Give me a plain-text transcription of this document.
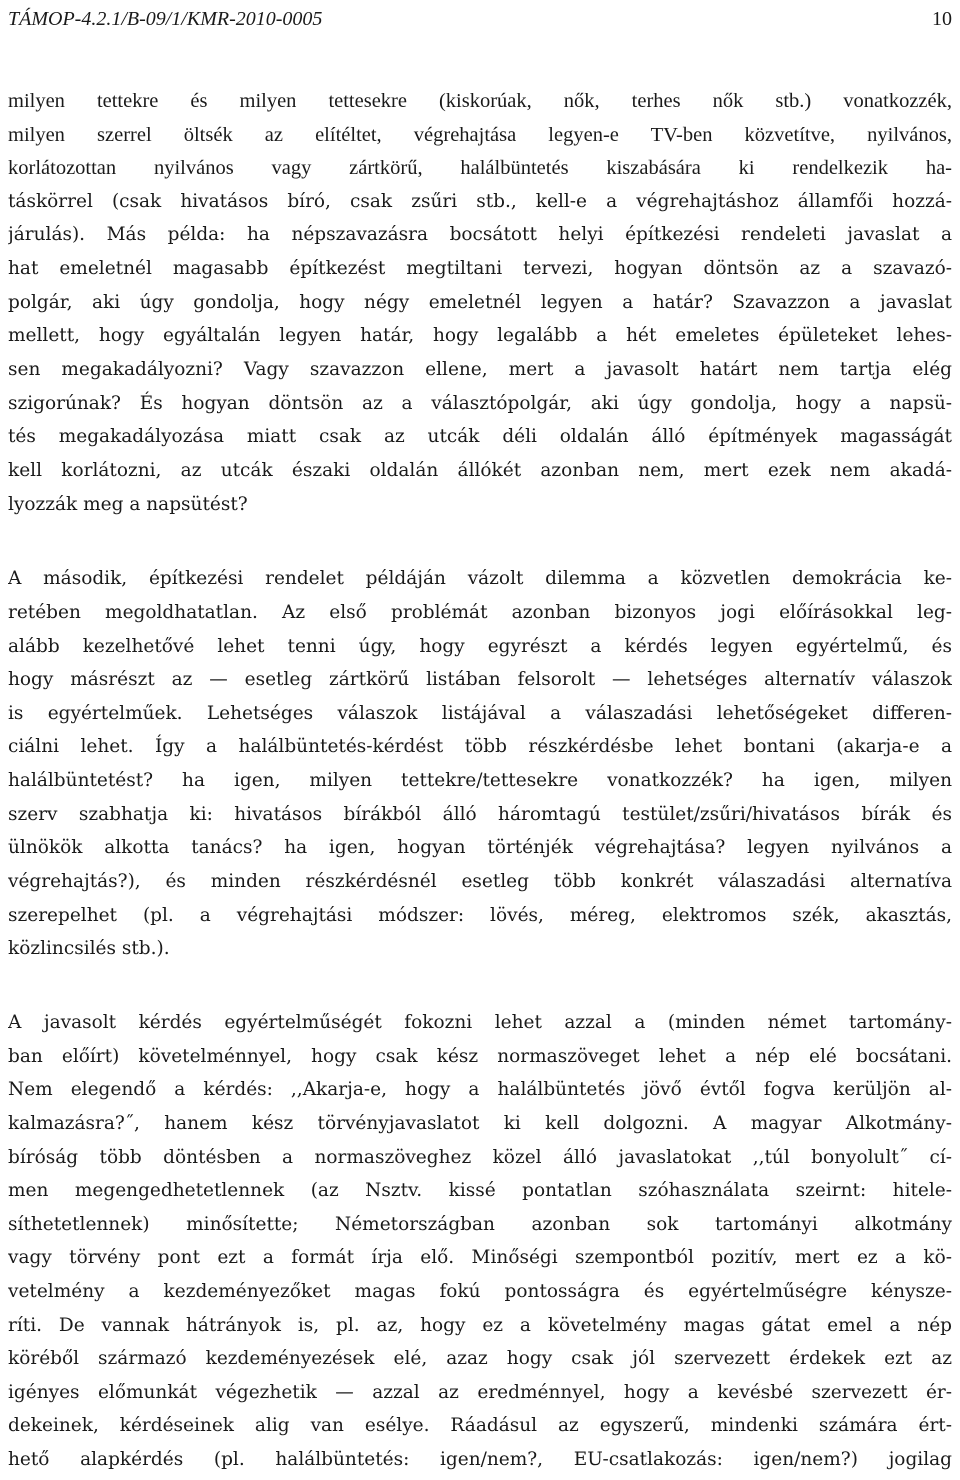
TÁMOP-4.2.1/B-09/1/KMR-2010-0005	10
milyen tettekre és milyen tettesekre (kiskorúak, nők, terhes nők stb.) vonatkozzék,
milyen szerrel öltsék az elítéltet, végrehajtása legyen-e TV-ben közvetítve, nyilvános,
korlátozottan nyilvános vagy zártkörű, halálbüntetés kiszabására ki rendelkezik ha-
táskörrel (csak hivatásos bíró, csak zsűri stb., kell-e a végrehajtáshoz államfői hozzá-
járulás). Más példa: ha népszavazásra bocsátott helyi építkezési rendeleti javaslat a
hat emeletnél magasabb építkezést megtiltani tervezi, hogyan döntsön az a szavazó-
polgár, aki úgy gondolja, hogy négy emeletnél legyen a határ? Szavazzon a javaslat
mellett, hogy egyáltalán legyen határ, hogy legalább a hét emeletes épületeket lehes-
sen megakadályozni? Vagy szavazzon ellene, mert a javasolt határt nem tartja elég
szigorúnak? És hogyan döntsön az a választópolgár, aki úgy gondolja, hogy a napsü-
tés megakadályozása miatt csak az utcák déli oldalán álló építmények magasságát
kell korlátozni, az utcák északi oldalán állókét azonban nem, mert ezek nem akadá-
lyozzák meg a napsütést?
A második, építkezési rendelet példáján vázolt dilemma a közvetlen demokrácia ke-
retében megoldhatatlan. Az első problémát azonban bizonyos jogi előírásokkal leg-
alább kezelhetővé lehet tenni úgy, hogy egyrészt a kérdés legyen egyértelmű, és
hogy másrészt az — esetleg zártkörű listában felsorolt — lehetséges alternatív válaszok
is egyértelműek. Lehetséges válaszok listájával a válaszadási lehetőségeket differen-
ciálni lehet. Így a halálbüntetés-kérdést több részkérdésbe lehet bontani (akarja-e a
halálbüntetést? ha igen, milyen tettekre/tettesekre vonatkozzék? ha igen, milyen
szerv szabhatja ki: hivatásos bírákból álló háromtagú testület/zsűri/hivatásos bírák és
ülnökök alkotta tanács? ha igen, hogyan történjék végrehajtása? legyen nyilvános a
végrehajtás?), és minden részkérdésnél esetleg több konkrét válaszadási alternatíva
szerepelhet (pl. a végrehajtási módszer: lövés, méreg, elektromos szék, akasztás,
közlincsilés stb.).
A javasolt kérdés egyértelműségét fokozni lehet azzal a (minden német tartomány-
ban előírt) követelménnyel, hogy csak kész normaszöveget lehet a nép elé bocsátani.
Nem elegendő a kérdés: ,,Akarja-e, hogy a halálbüntetés jövő évtől fogva kerüljön al-
kalmazásra?˝, hanem kész törvényjavaslatot ki kell dolgozni. A magyar Alkotmány-
bíróság több döntésben a normaszöveghez közel álló javaslatokat ,,túl bonyolult˝ cí-
men megengedhetetlennek (az Nsztv. kissé pontatlan szóhasználata szeirnt: hitele-
síthetetlennek) minősítette; Németországban azonban sok tartományi alkotmány
vagy törvény pont ezt a formát írja elő. Minőségi szempontból pozitív, mert ez a kö-
vetelmény a kezdeményezőket magas fokú pontosságra és egyértelműségre kénysze-
ríti. De vannak hátrányok is, pl. az, hogy ez a követelmény magas gátat emel a nép
köréből származó kezdeményezések elé, azaz hogy csak jól szervezett érdekek ezt az
igényes előmunkát végezhetik — azzal az eredménnyel, hogy a kevésbé szervezett ér-
dekeinek, kérdéseinek alig van esélye. Ráadásul az egyszerű, mindenki számára ért-
hető alapkérdés (pl. halálbüntetés: igen/nem?, EU-csatlakozás: igen/nem?) jogilag
